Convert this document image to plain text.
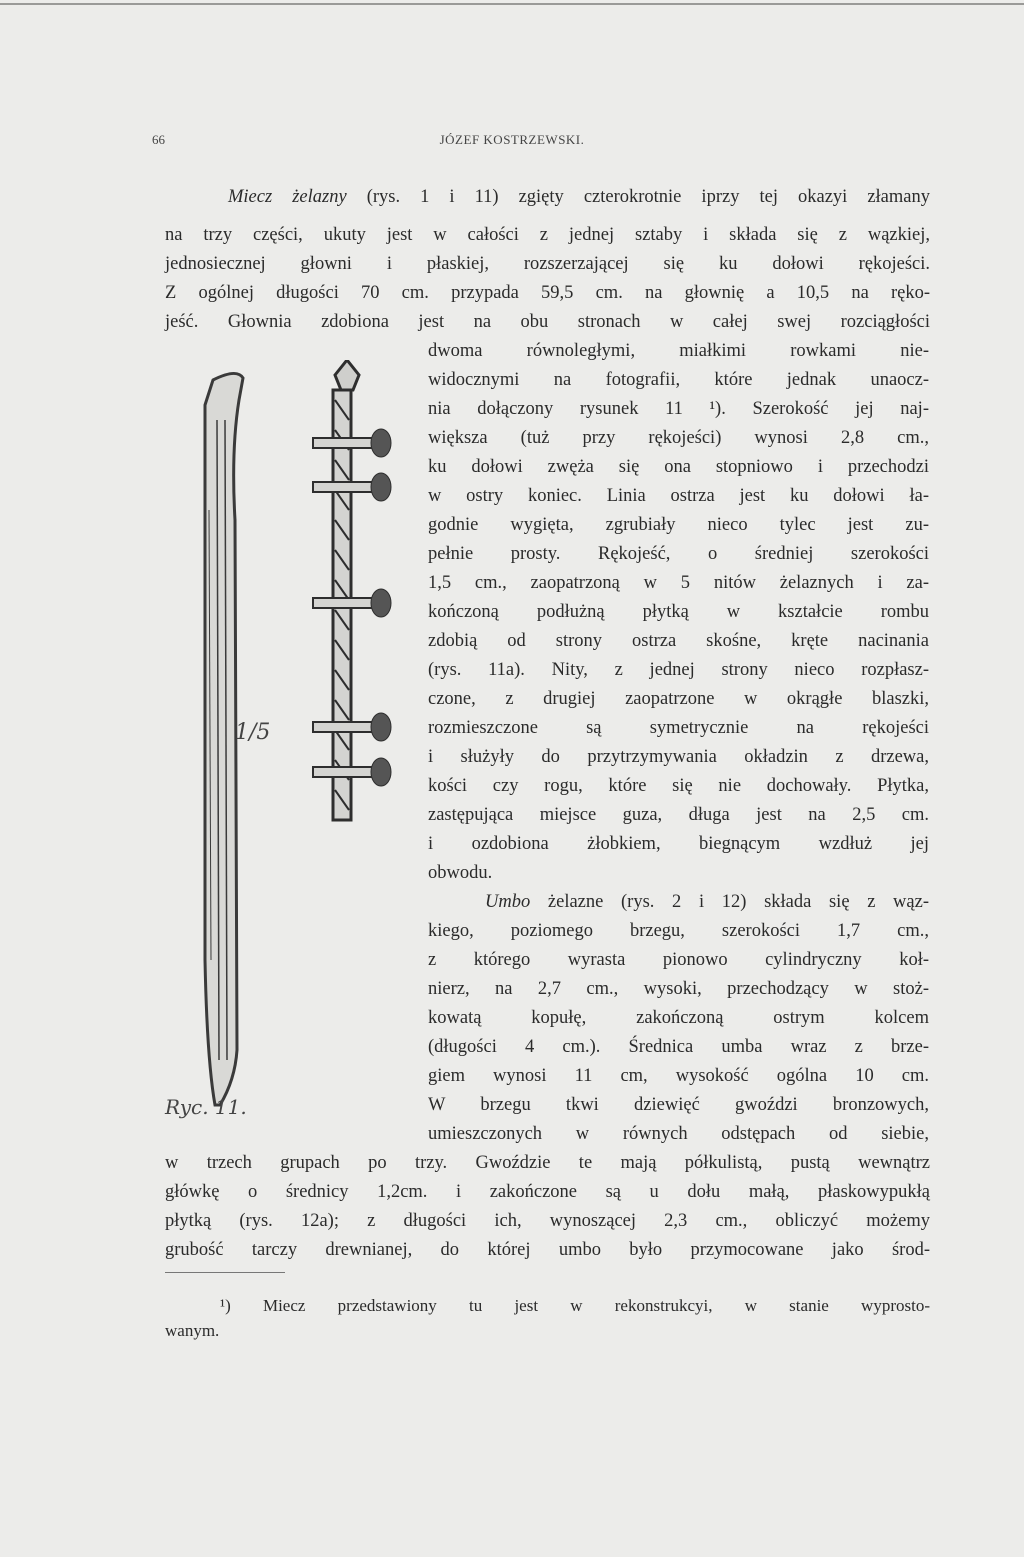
66	JÓZEF KOSTRZEWSKI.
Miecz żelazny (rys. 1 i 11) zgięty czterokrotnie iprzy tej okazyi złamany
na trzy części, ukuty jest w całości z jednej sztaby i składa się z wązkiej,
jednosiecznej głowni i płaskiej, rozszerzającej się ku dołowi rękojeści.
Z ogólnej długości 70 cm. przypada 59,5 cm. na głownię a 10,5 na ręko-
jeść. Głownia zdobiona jest na obu stronach w całej swej rozciągłości
dwoma równoległymi, miałkimi rowkami nie-
widocznymi na fotografii, które jednak unaocz-
nia dołączony rysunek 11 ¹). Szerokość jej naj-
większa (tuż przy rękojeści) wynosi 2,8 cm.,
ku dołowi zwęża się ona stopniowo i przechodzi
w ostry koniec. Linia ostrza jest ku dołowi ła-
godnie wygięta, zgrubiały nieco tylec jest zu-
pełnie prosty. Rękojeść, o średniej szerokości
1,5 cm., zaopatrzoną w 5 nitów żelaznych i za-
kończoną podłużną płytką w kształcie rombu
zdobią od strony ostrza skośne, kręte nacinania
(rys. 11a). Nity, z jednej strony nieco rozpłasz-
czone, z drugiej zaopatrzone w okrągłe blaszki,
rozmieszczone są symetrycznie na rękojeści
i służyły do przytrzymywania okładzin z drzewa,
kości czy rogu, które się nie dochowały. Płytka,
zastępująca miejsce guza, długa jest na 2,5 cm.
i ozdobiona żłobkiem, biegnącym wzdłuż jej
obwodu.
Umbo żelazne (rys. 2 i 12) składa się z wąz-
kiego, poziomego brzegu, szerokości 1,7 cm.,
z którego wyrasta pionowo cylindryczny koł-
nierz, na 2,7 cm., wysoki, przechodzący w stoż-
kowatą kopułę, zakończoną ostrym kolcem
(długości 4 cm.). Średnica umba wraz z brze-
giem wynosi 11 cm, wysokość ogólna 10 cm.
W brzegu tkwi dziewięć gwoździ bronzowych,
umieszczonych w równych odstępach od siebie,
w trzech grupach po trzy. Gwoździe te mają półkulistą, pustą wewnątrz
główkę o średnicy 1,2cm. i zakończone są u dołu małą, płaskowypukłą
płytką (rys. 12a); z długości ich, wynoszącej 2,3 cm., obliczyć możemy
grubość tarczy drewnianej, do której umbo było przymocowane jako środ-
¹) Miecz przedstawiony tu jest w rekonstrukcyi, w stanie wyprosto-
wanym.
1/5
Ryc. 11.
